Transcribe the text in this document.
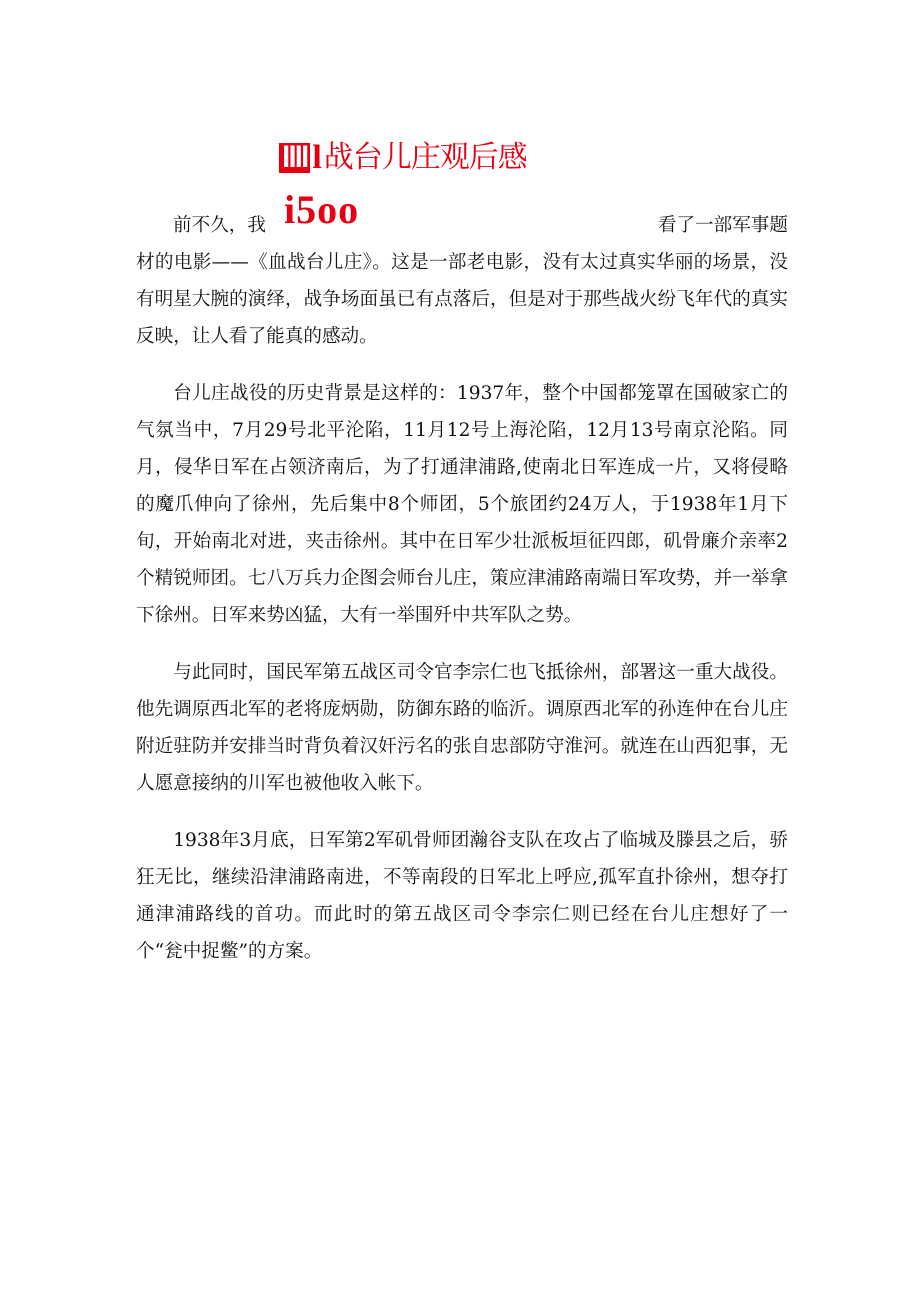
llll l 战台儿庄观后感
i5oo
前不久，我	看了一部军事题
材的电影——《血战台儿庄》。这是一部老电影，没有太过真实华丽的场景，没有明星大腕的演绎，战争场面虽已有点落后，但是对于那些战火纷飞年代的真实反映，让人看了能真的感动。

台儿庄战役的历史背景是这样的：1937年，整个中国都笼罩在国破家亡的气氛当中，7月29号北平沦陷，11月12号上海沦陷，12月13号南京沦陷。同月，侵华日军在占领济南后，为了打通津浦路,使南北日军连成一片，又将侵略的魔爪伸向了徐州，先后集中8个师团，5个旅团约24万人，于1938年1月下旬，开始南北对进，夹击徐州。其中在日军少壮派板垣征四郎，矶骨廉介亲率2个精锐师团。七八万兵力企图会师台儿庄，策应津浦路南端日军攻势，并一举拿下徐州。日军来势凶猛，大有一举围歼中共军队之势。

与此同时，国民军第五战区司令官李宗仁也飞抵徐州，部署这一重大战役。他先调原西北军的老将庞炳勋，防御东路的临沂。调原西北军的孙连仲在台儿庄附近驻防并安排当时背负着汉奸污名的张自忠部防守淮河。就连在山西犯事，无人愿意接纳的川军也被他收入帐下。

1938年3月底，日军第2军矶骨师团瀚谷支队在攻占了临城及滕县之后，骄狂无比，继续沿津浦路南进，不等南段的日军北上呼应,孤军直扑徐州，想夺打通津浦路线的首功。而此时的第五战区司令李宗仁则已经在台儿庄想好了一个“瓮中捉鳖”的方案。
